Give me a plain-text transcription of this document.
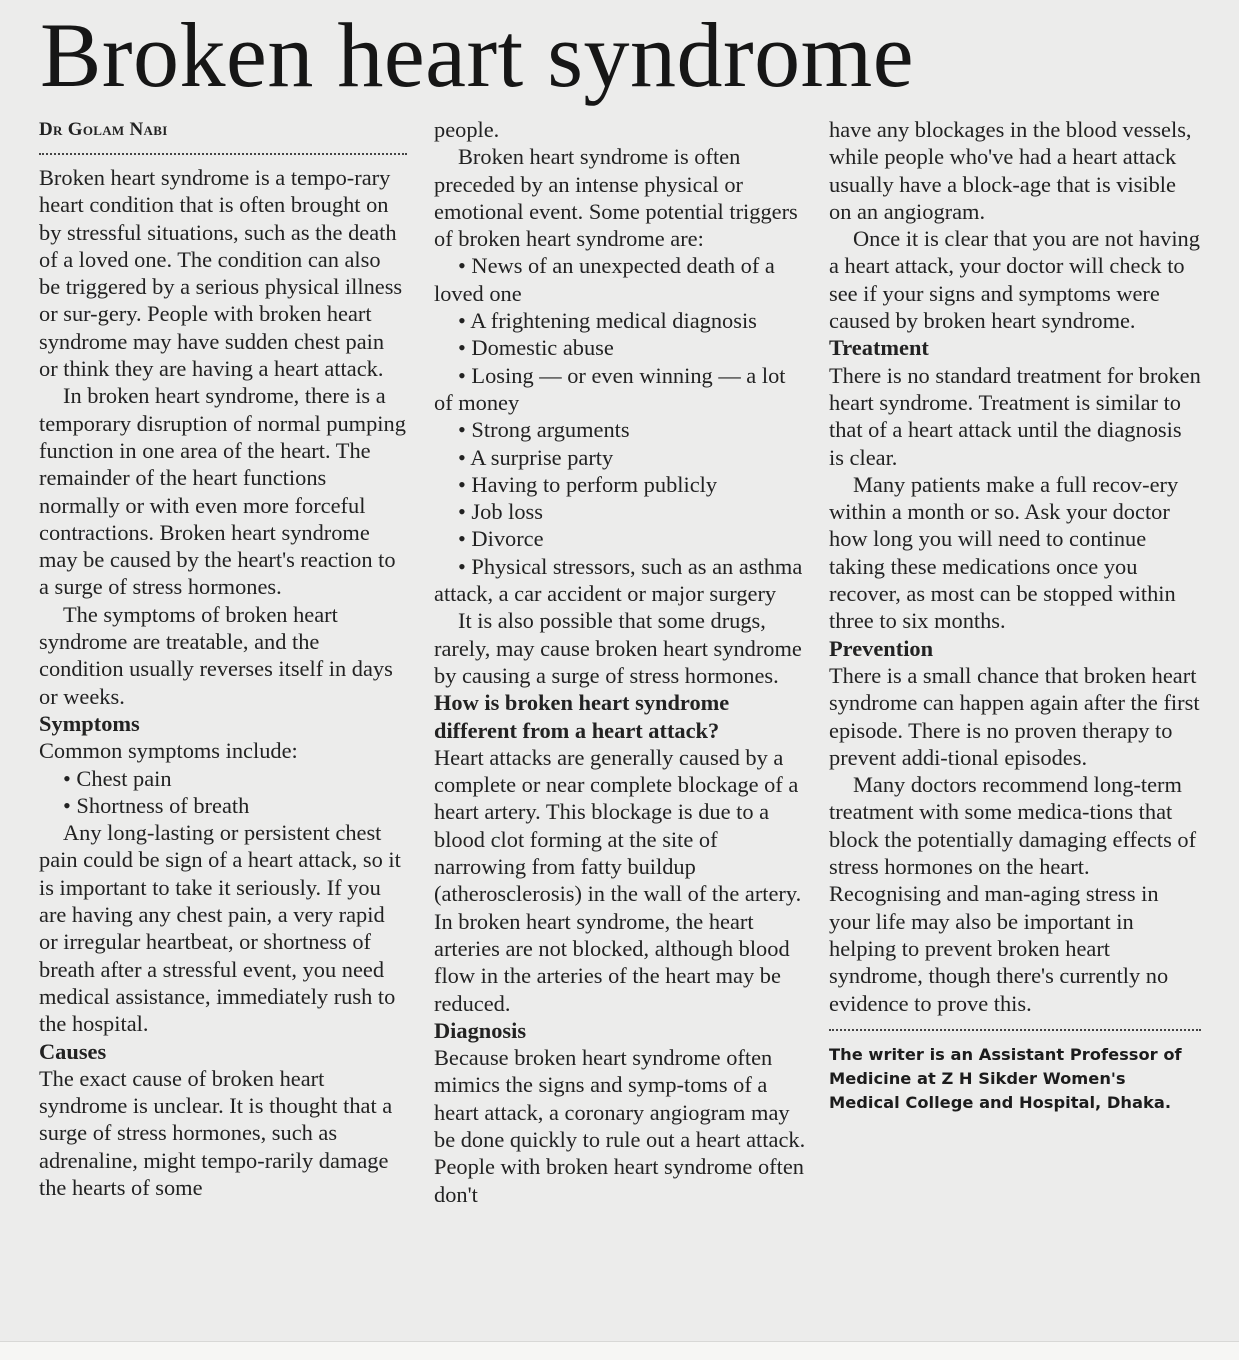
Broken heart syndrome
Dr Golam Nabi

Broken heart syndrome is a tempo-rary heart condition that is often brought on by stressful situations, such as the death of a loved one. The condition can also be triggered by a serious physical illness or sur-gery. People with broken heart syndrome may have sudden chest pain or think they are having a heart attack.

In broken heart syndrome, there is a temporary disruption of normal pumping function in one area of the heart. The remainder of the heart functions normally or with even more forceful contractions. Broken heart syndrome may be caused by the heart's reaction to a surge of stress hormones.

The symptoms of broken heart syndrome are treatable, and the condition usually reverses itself in days or weeks.

Symptoms

Common symptoms include:

• Chest pain

• Shortness of breath

Any long-lasting or persistent chest pain could be sign of a heart attack, so it is important to take it seriously. If you are having any chest pain, a very rapid or irregular heartbeat, or shortness of breath after a stressful event, you need medical assistance, immediately rush to the hospital.

Causes

The exact cause of broken heart syndrome is unclear. It is thought that a surge of stress hormones, such as adrenaline, might tempo-rarily damage the hearts of some

people.

Broken heart syndrome is often preceded by an intense physical or emotional event. Some potential triggers of broken heart syndrome are:

• News of an unexpected death of a loved one

• A frightening medical diagnosis

• Domestic abuse

• Losing — or even winning — a lot of money

• Strong arguments

• A surprise party

• Having to perform publicly

• Job loss

• Divorce

• Physical stressors, such as an asthma attack, a car accident or major surgery

It is also possible that some drugs, rarely, may cause broken heart syndrome by causing a surge of stress hormones.

How is broken heart syndrome different from a heart attack?

Heart attacks are generally caused by a complete or near complete blockage of a heart artery. This blockage is due to a blood clot forming at the site of narrowing from fatty buildup (atherosclerosis) in the wall of the artery. In broken heart syndrome, the heart arteries are not blocked, although blood flow in the arteries of the heart may be reduced.

Diagnosis

Because broken heart syndrome often mimics the signs and symp-toms of a heart attack, a coronary angiogram may be done quickly to rule out a heart attack. People with broken heart syndrome often don't

have any blockages in the blood vessels, while people who've had a heart attack usually have a block-age that is visible on an angiogram.

Once it is clear that you are not having a heart attack, your doctor will check to see if your signs and symptoms were caused by broken heart syndrome.

Treatment

There is no standard treatment for broken heart syndrome. Treatment is similar to that of a heart attack until the diagnosis is clear.

Many patients make a full recov-ery within a month or so. Ask your doctor how long you will need to continue taking these medications once you recover, as most can be stopped within three to six months.

Prevention

There is a small chance that broken heart syndrome can happen again after the first episode. There is no proven therapy to prevent addi-tional episodes.

Many doctors recommend long-term treatment with some medica-tions that block the potentially damaging effects of stress hormones on the heart. Recognising and man-aging stress in your life may also be important in helping to prevent broken heart syndrome, though there's currently no evidence to prove this.

The writer is an Assistant Professor of Medicine at Z H Sikder Women's Medical College and Hospital, Dhaka.
